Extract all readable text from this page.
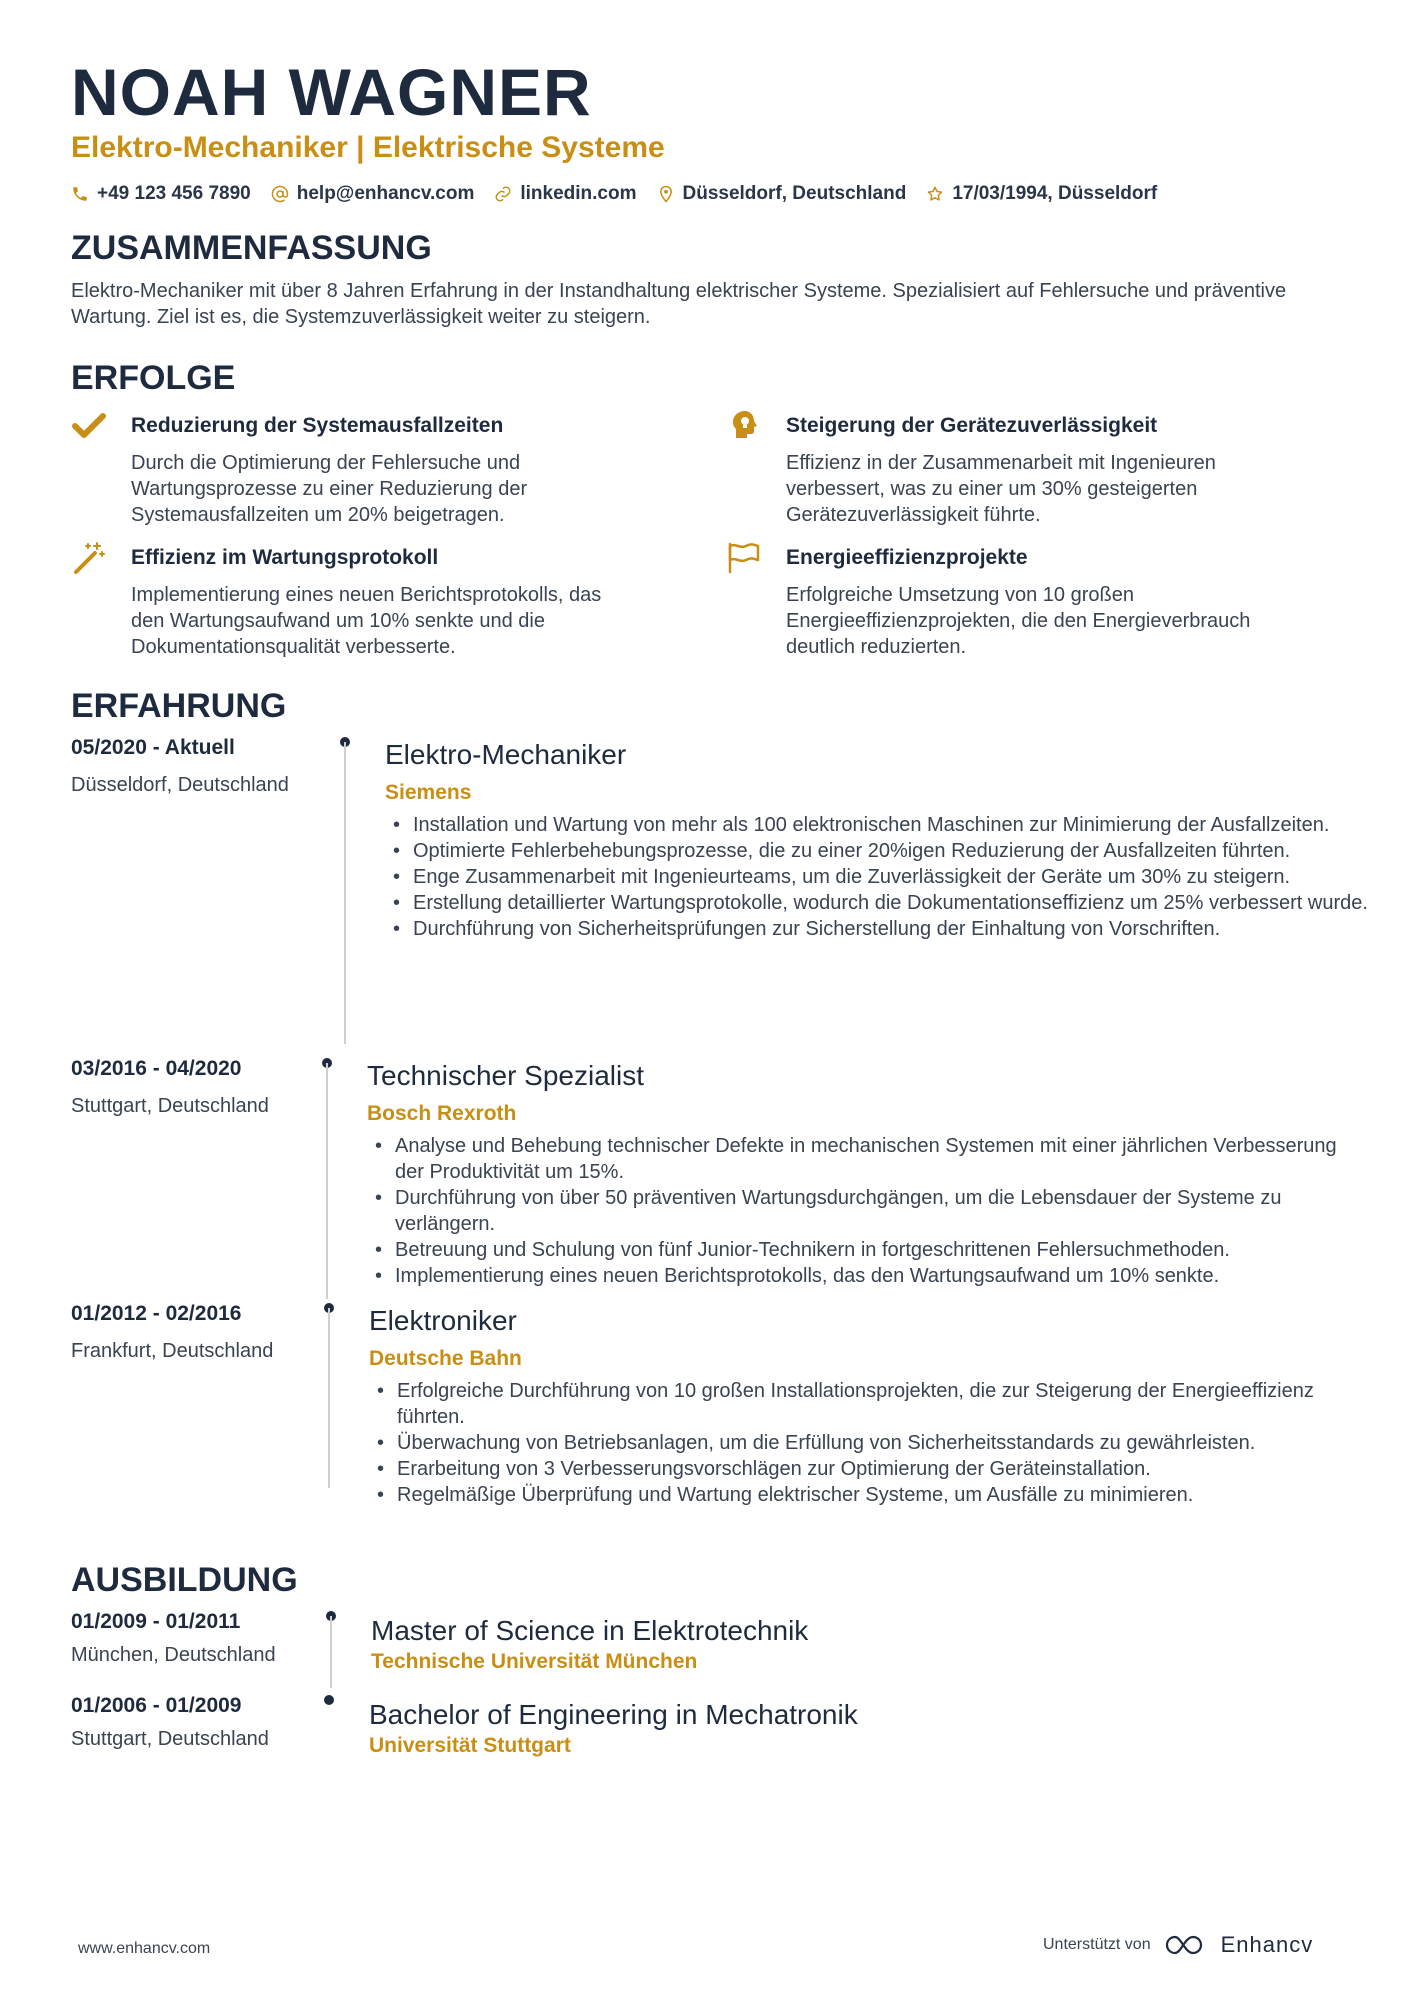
NOAH WAGNER
Elektro-Mechaniker | Elektrische Systeme
+49 123 456 7890 help@enhancv.com linkedin.com Düsseldorf, Deutschland 17/03/1994, Düsseldorf
ZUSAMMENFASSUNG
Elektro-Mechaniker mit über 8 Jahren Erfahrung in der Instandhaltung elektrischer Systeme. Spezialisiert auf Fehlersuche und präventive Wartung. Ziel ist es, die Systemzuverlässigkeit weiter zu steigern.
ERFOLGE
Reduzierung der Systemausfallzeiten
Durch die Optimierung der Fehlersuche und Wartungsprozesse zu einer Reduzierung der Systemausfallzeiten um 20% beigetragen.
Steigerung der Gerätezuverlässigkeit
Effizienz in der Zusammenarbeit mit Ingenieuren verbessert, was zu einer um 30% gesteigerten Gerätezuverlässigkeit führte.
Effizienz im Wartungsprotokoll
Implementierung eines neuen Berichtsprotokolls, das den Wartungsaufwand um 10% senkte und die Dokumentationsqualität verbesserte.
Energieeffizienzprojekte
Erfolgreiche Umsetzung von 10 großen Energieeffizienzprojekten, die den Energieverbrauch deutlich reduzierten.
ERFAHRUNG
05/2020 - Aktuell
Düsseldorf, Deutschland
Elektro-Mechaniker
Siemens
• Installation und Wartung von mehr als 100 elektronischen Maschinen zur Minimierung der Ausfallzeiten.
• Optimierte Fehlerbehebungsprozesse, die zu einer 20%igen Reduzierung der Ausfallzeiten führten.
• Enge Zusammenarbeit mit Ingenieurteams, um die Zuverlässigkeit der Geräte um 30% zu steigern.
• Erstellung detaillierter Wartungsprotokolle, wodurch die Dokumentationseffizienz um 25% verbessert wurde.
• Durchführung von Sicherheitsprüfungen zur Sicherstellung der Einhaltung von Vorschriften.
03/2016 - 04/2020
Stuttgart, Deutschland
Technischer Spezialist
Bosch Rexroth
• Analyse und Behebung technischer Defekte in mechanischen Systemen mit einer jährlichen Verbesserung der Produktivität um 15%.
• Durchführung von über 50 präventiven Wartungsdurchgängen, um die Lebensdauer der Systeme zu verlängern.
• Betreuung und Schulung von fünf Junior-Technikern in fortgeschrittenen Fehlersuchmethoden.
• Implementierung eines neuen Berichtsprotokolls, das den Wartungsaufwand um 10% senkte.
01/2012 - 02/2016
Frankfurt, Deutschland
Elektroniker
Deutsche Bahn
• Erfolgreiche Durchführung von 10 großen Installationsprojekten, die zur Steigerung der Energieeffizienz führten.
• Überwachung von Betriebsanlagen, um die Erfüllung von Sicherheitsstandards zu gewährleisten.
• Erarbeitung von 3 Verbesserungsvorschlägen zur Optimierung der Geräteinstallation.
• Regelmäßige Überprüfung und Wartung elektrischer Systeme, um Ausfälle zu minimieren.
AUSBILDUNG
01/2009 - 01/2011
München, Deutschland
Master of Science in Elektrotechnik
Technische Universität München
01/2006 - 01/2009
Stuttgart, Deutschland
Bachelor of Engineering in Mechatronik
Universität Stuttgart
www.enhancv.com	Unterstützt von	Enhancv
